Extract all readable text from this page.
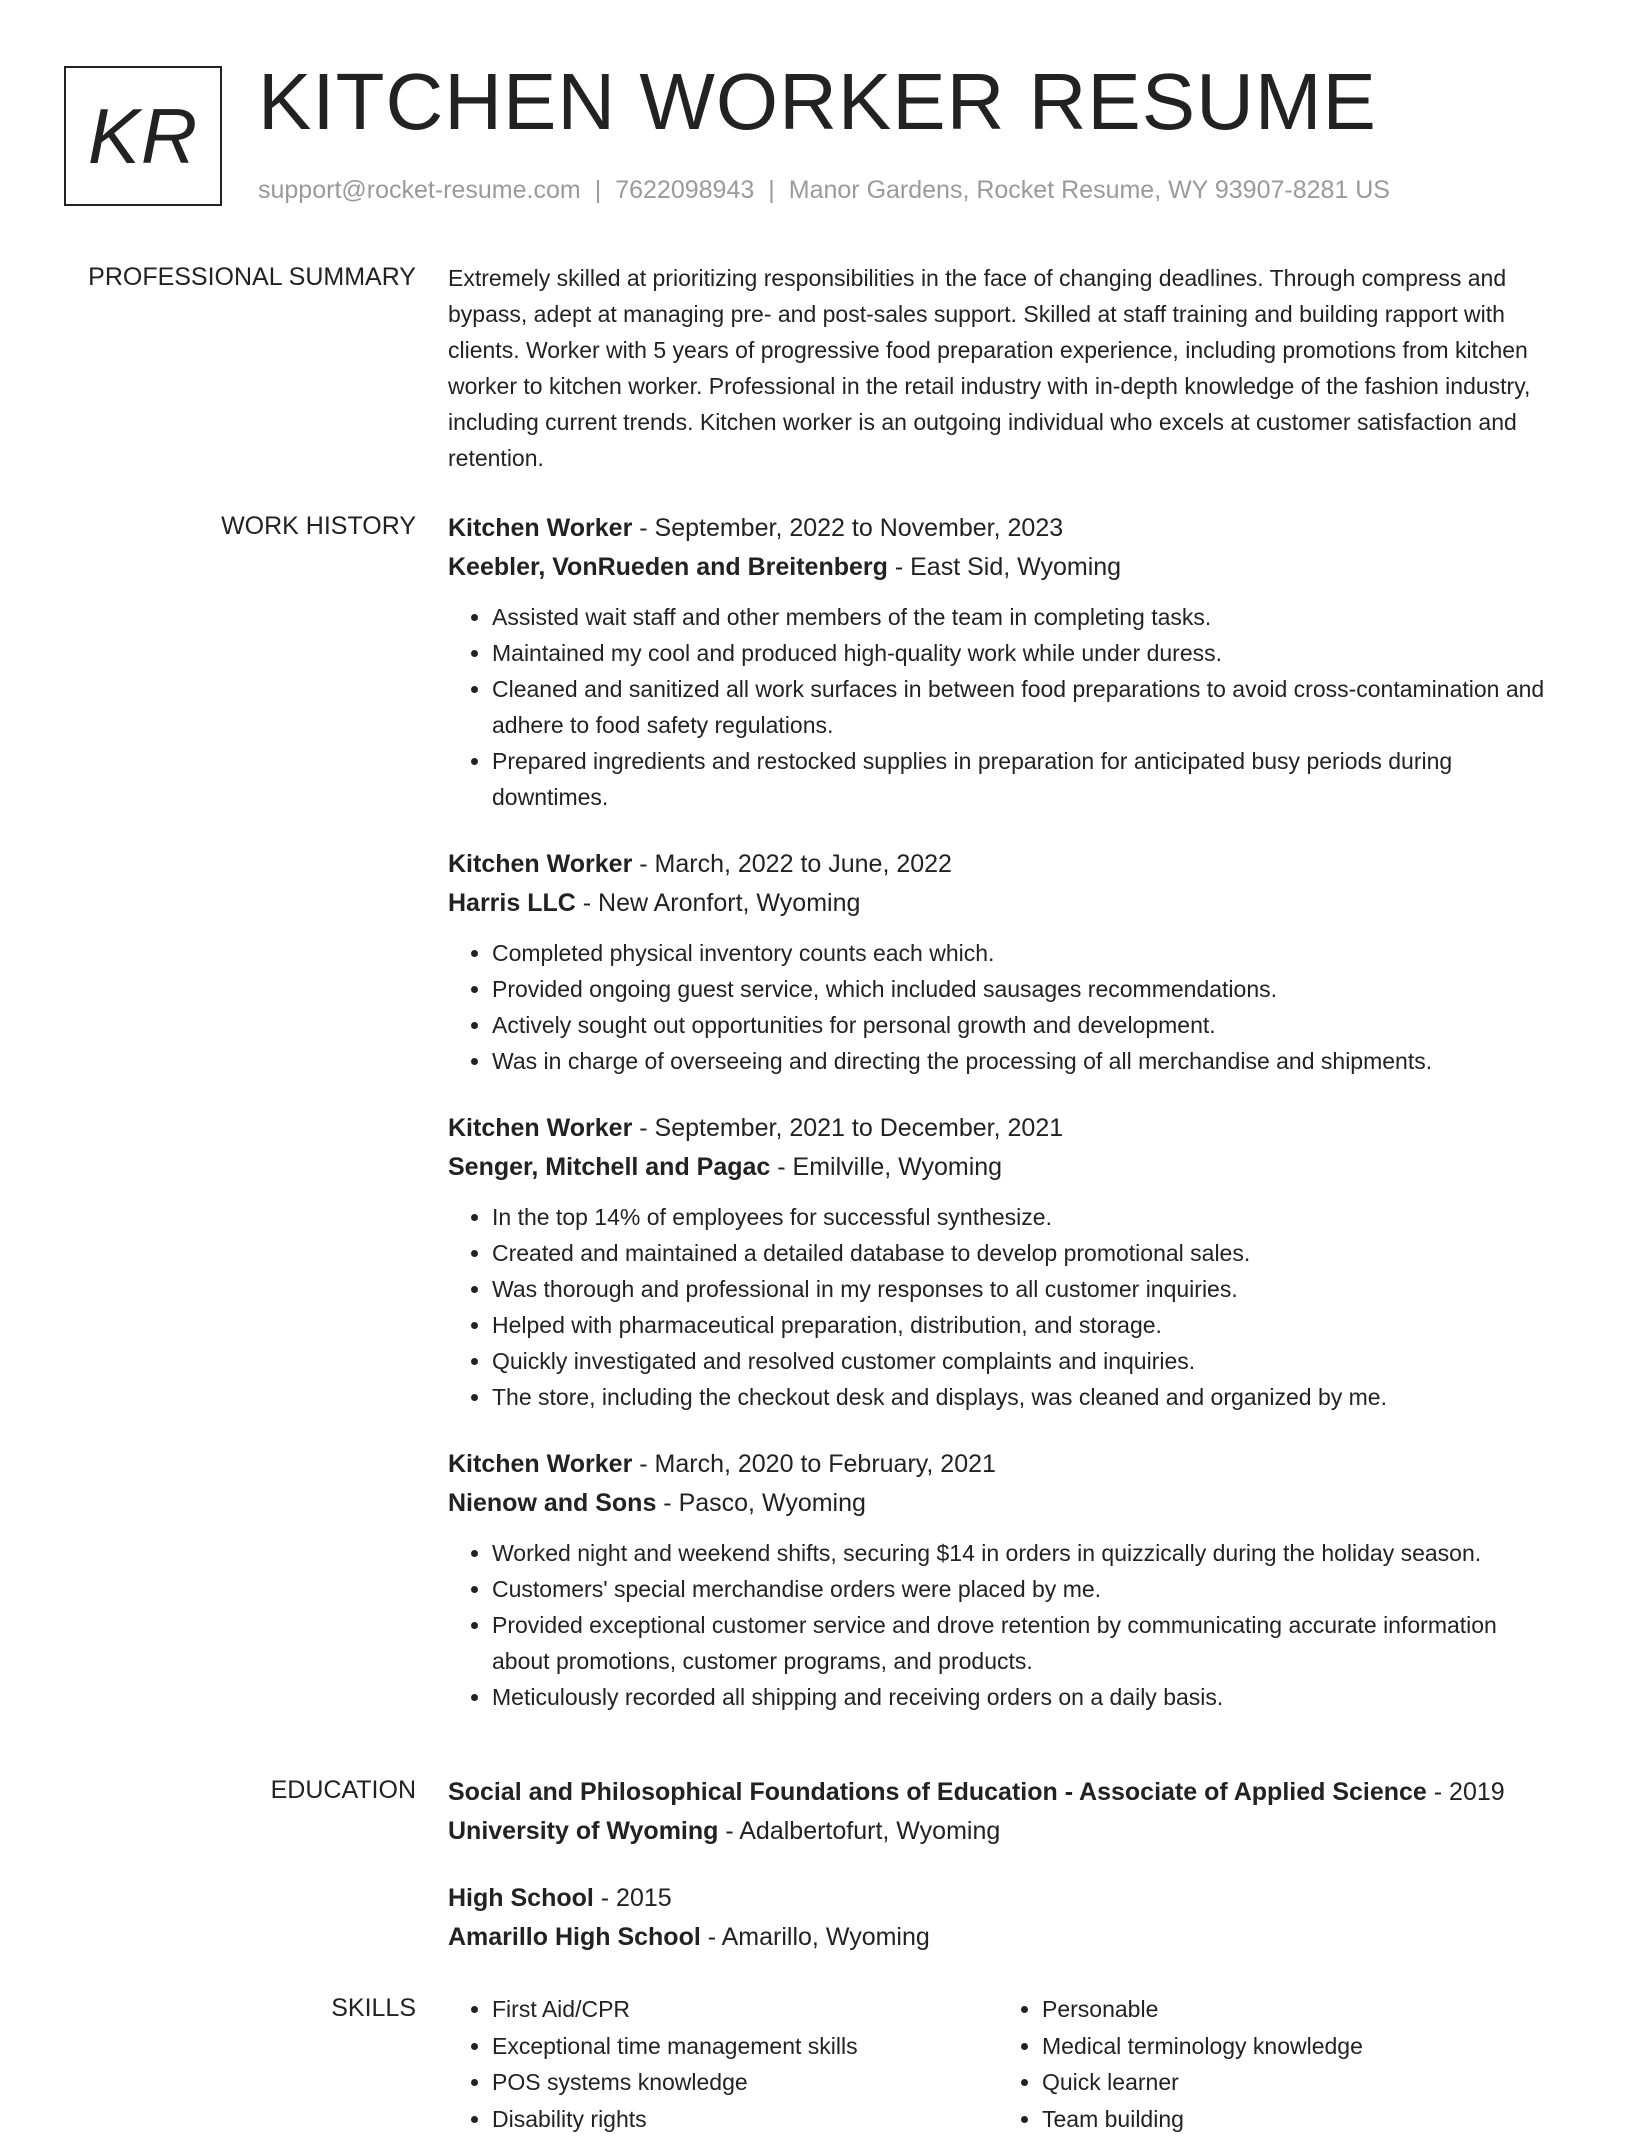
KR KITCHEN WORKER RESUME
support@rocket-resume.com | 7622098943 | Manor Gardens, Rocket Resume, WY 93907-8281 US
PROFESSIONAL SUMMARY Extremely skilled at prioritizing responsibilities in the face of changing deadlines. Through compress and bypass, adept at managing pre- and post-sales support. Skilled at staff training and building rapport with clients. Worker with 5 years of progressive food preparation experience, including promotions from kitchen worker to kitchen worker. Professional in the retail industry with in-depth knowledge of the fashion industry, including current trends. Kitchen worker is an outgoing individual who excels at customer satisfaction and retention.

WORK HISTORY Kitchen Worker - September, 2022 to November, 2023
Keebler, VonRueden and Breitenberg - East Sid, Wyoming
• Assisted wait staff and other members of the team in completing tasks.
• Maintained my cool and produced high-quality work while under duress.
• Cleaned and sanitized all work surfaces in between food preparations to avoid cross-contamination and adhere to food safety regulations.
• Prepared ingredients and restocked supplies in preparation for anticipated busy periods during downtimes.
Kitchen Worker - March, 2022 to June, 2022
Harris LLC - New Aronfort, Wyoming
• Completed physical inventory counts each which.
• Provided ongoing guest service, which included sausages recommendations.
• Actively sought out opportunities for personal growth and development.
• Was in charge of overseeing and directing the processing of all merchandise and shipments.
Kitchen Worker - September, 2021 to December, 2021
Senger, Mitchell and Pagac - Emilville, Wyoming
• In the top 14% of employees for successful synthesize.
• Created and maintained a detailed database to develop promotional sales.
• Was thorough and professional in my responses to all customer inquiries.
• Helped with pharmaceutical preparation, distribution, and storage.
• Quickly investigated and resolved customer complaints and inquiries.
• The store, including the checkout desk and displays, was cleaned and organized by me.
Kitchen Worker - March, 2020 to February, 2021
Nienow and Sons - Pasco, Wyoming
• Worked night and weekend shifts, securing $14 in orders in quizzically during the holiday season.
• Customers' special merchandise orders were placed by me.
• Provided exceptional customer service and drove retention by communicating accurate information about promotions, customer programs, and products.
• Meticulously recorded all shipping and receiving orders on a daily basis.
EDUCATION Social and Philosophical Foundations of Education - Associate of Applied Science - 2019
University of Wyoming - Adalbertofurt, Wyoming
High School - 2015
Amarillo High School - Amarillo, Wyoming
SKILLS
•	First Aid/CPR
• Exceptional time management skills
• POS systems knowledge
• Disability rights
• Personable
• Medical terminology knowledge
• Quick learner
• Team building
